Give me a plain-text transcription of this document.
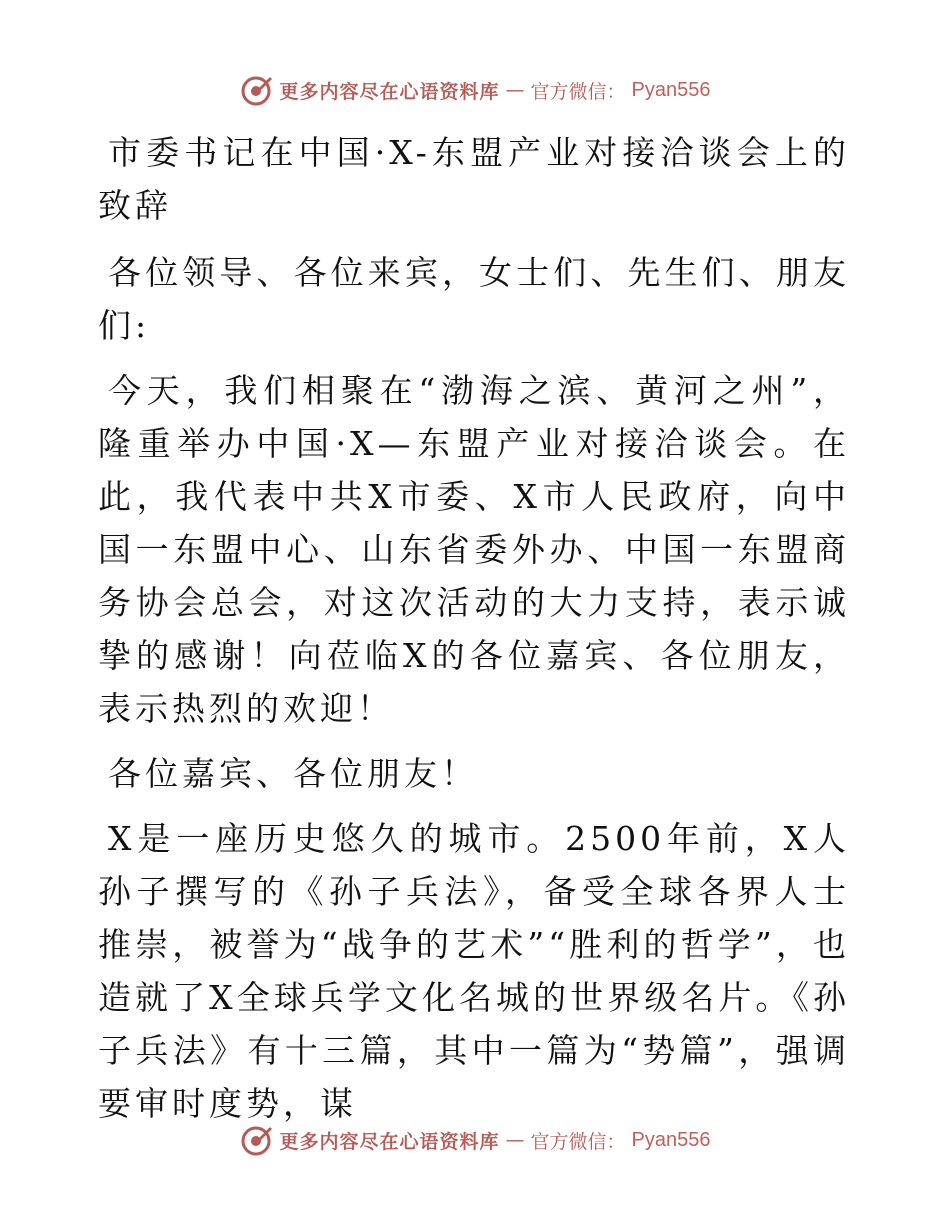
更多内容尽在心语资料库 — 官方微信： Pyan556

市委书记在中国·X-东盟产业对接洽谈会上的致辞

各位领导、各位来宾，女士们、先生们、朋友们:

今天，我们相聚在“渤海之滨、黄河之州”，隆重举办中国·X—东盟产业对接洽谈会。在此，我代表中共X市委、X市人民政府，向中国一东盟中心、山东省委外办、中国一东盟商务协会总会，对这次活动的大力支持，表示诚挚的感谢！向莅临X的各位嘉宾、各位朋友，表示热烈的欢迎！

各位嘉宾、各位朋友！

X是一座历史悠久的城市。2500年前，X人孙子撰写的《孙子兵法》，备受全球各界人士推崇，被誉为“战争的艺术”“胜利的哲学”，也造就了X全球兵学文化名城的世界级名片。《孙子兵法》有十三篇，其中一篇为“势篇”，强调要审时度势，谋

更多内容尽在心语资料库 — 官方微信： Pyan556
